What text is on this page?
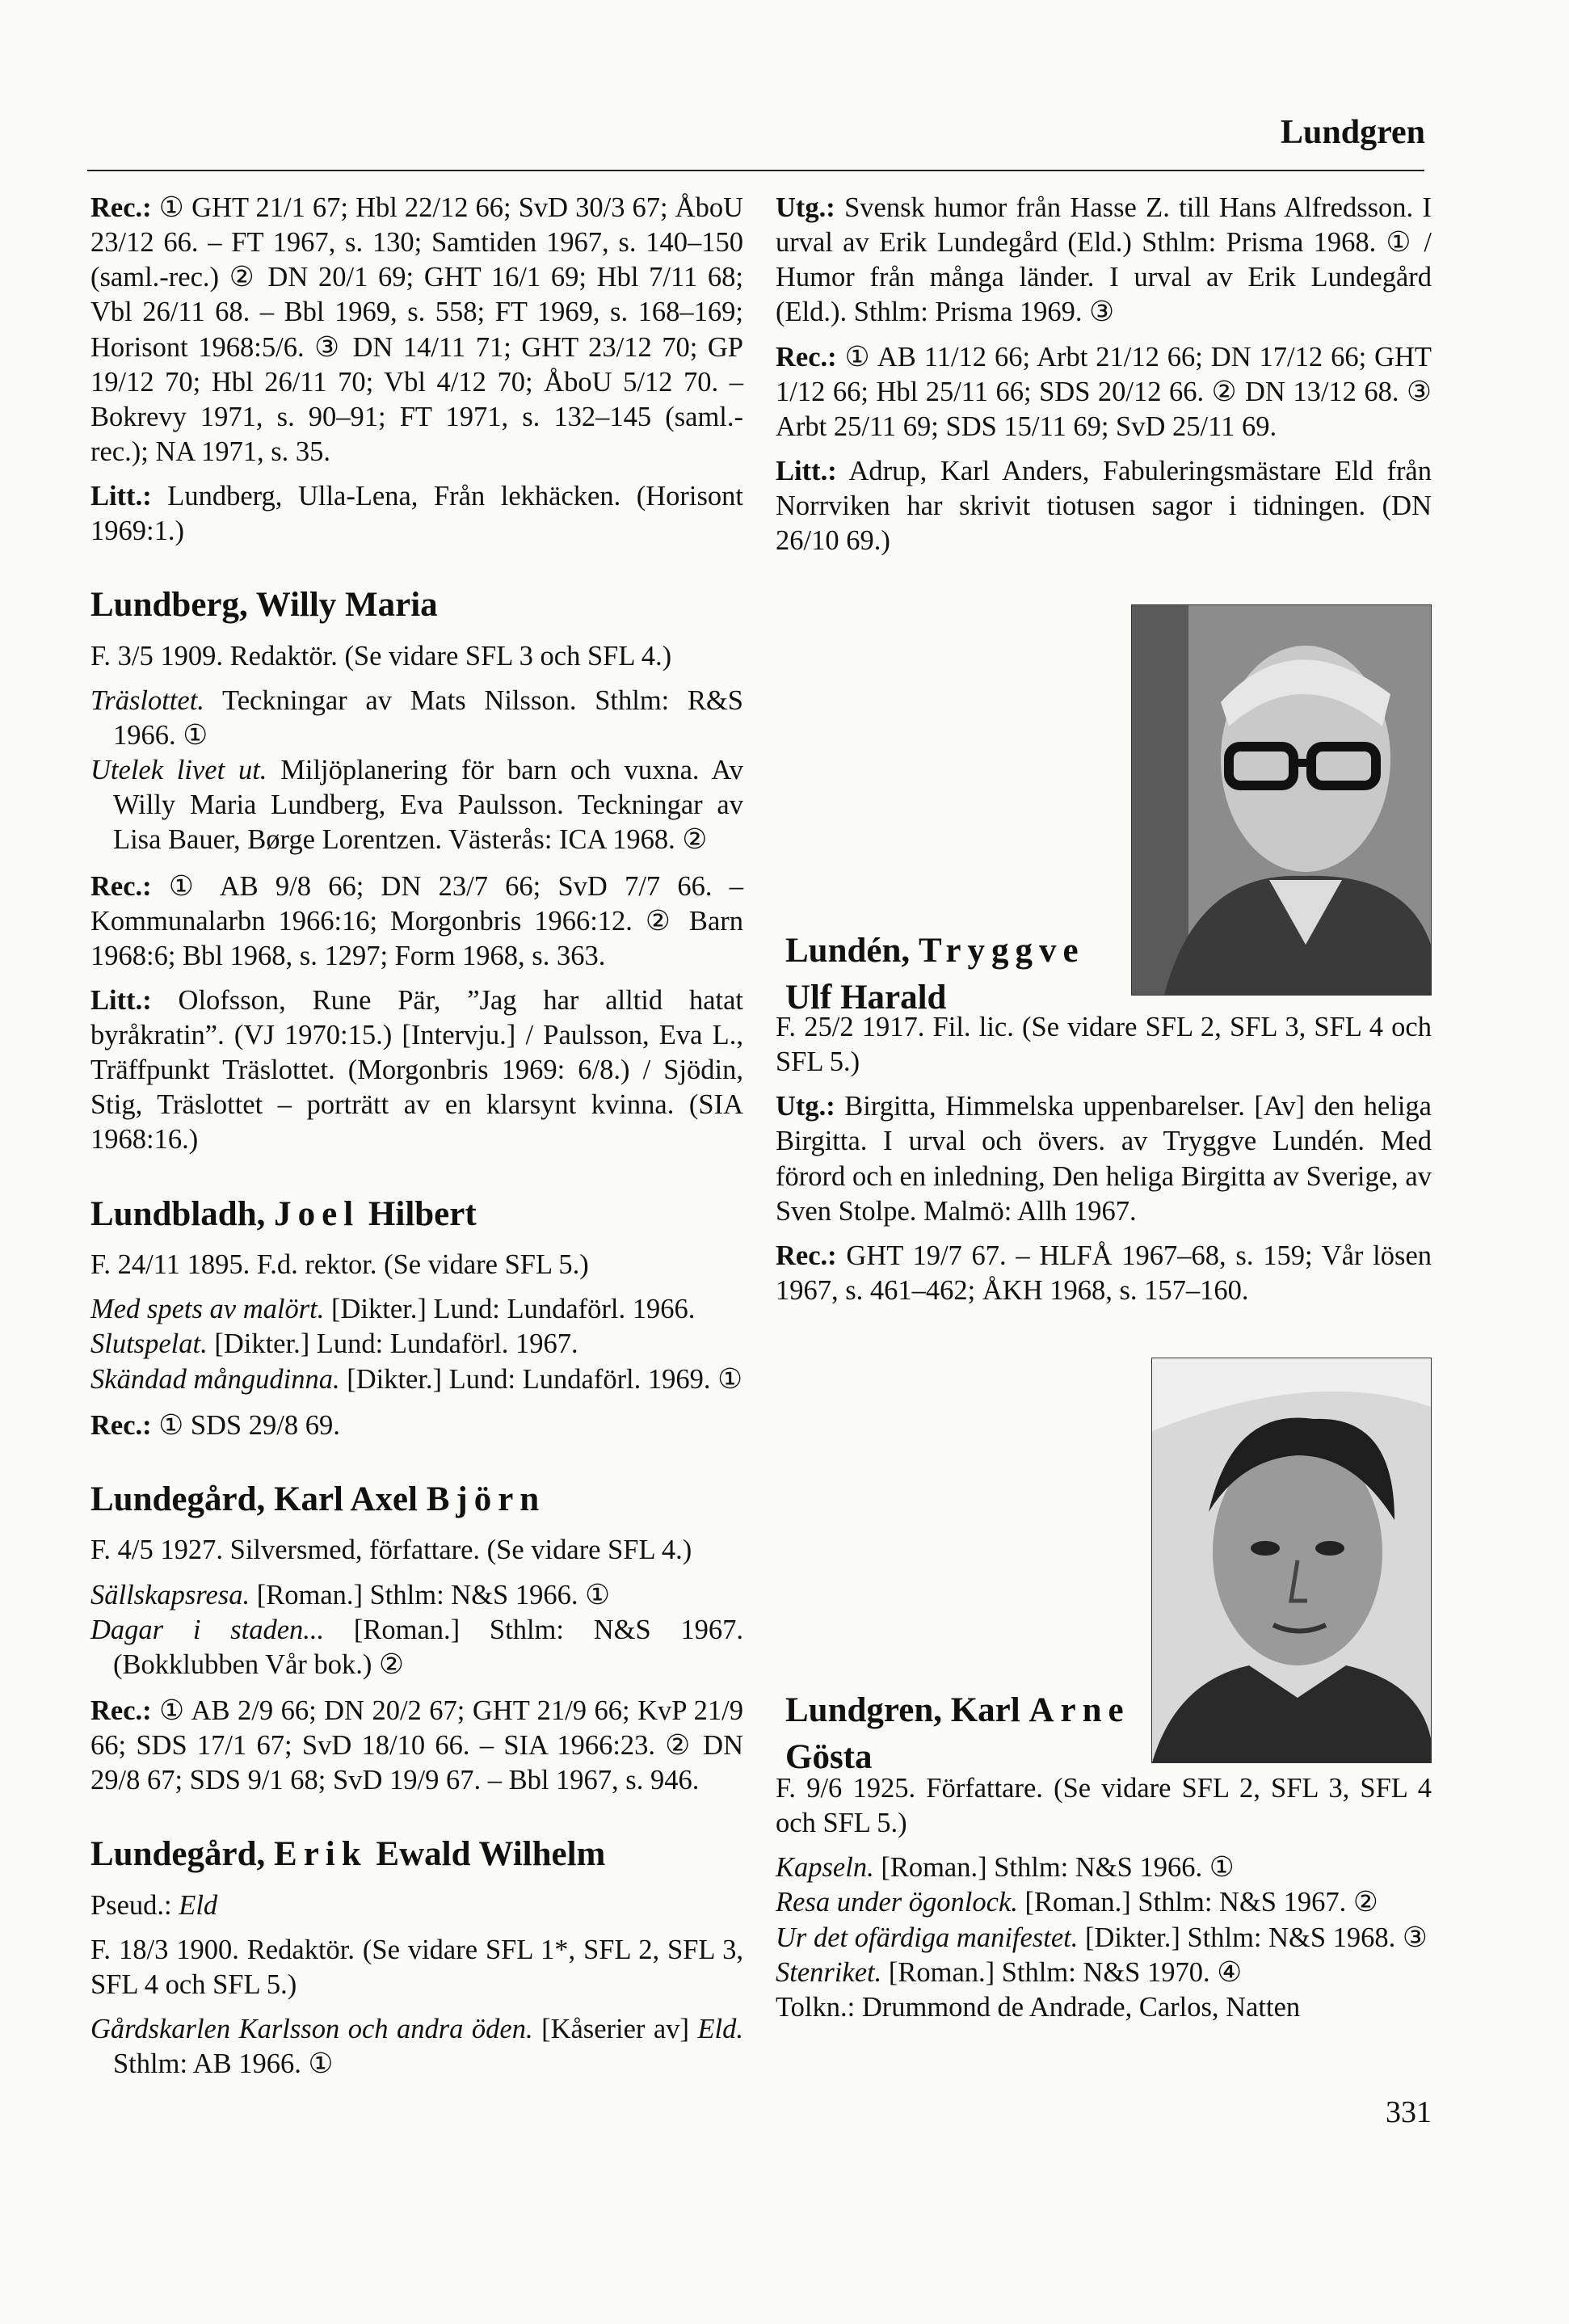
Lundgren

Rec.: ① GHT 21/1 67; Hbl 22/12 66; SvD 30/3 67; ÅboU 23/12 66. – FT 1967, s. 130; Samtiden 1967, s. 140–150 (saml.-rec.) ② DN 20/1 69; GHT 16/1 69; Hbl 7/11 68; Vbl 26/11 68. – Bbl 1969, s. 558; FT 1969, s. 168–169; Horisont 1968:5/6. ③ DN 14/11 71; GHT 23/12 70; GP 19/12 70; Hbl 26/11 70; Vbl 4/12 70; ÅboU 5/12 70. – Bokrevy 1971, s. 90–91; FT 1971, s. 132–145 (saml.-rec.); NA 1971, s. 35.

Litt.: Lundberg, Ulla-Lena, Från lekhäcken. (Horisont 1969:1.)

Lundberg, Willy Maria

F. 3/5 1909. Redaktör. (Se vidare SFL 3 och SFL 4.)

Träslottet. Teckningar av Mats Nilsson. Sthlm: R&S 1966. ①

Utelek livet ut. Miljöplanering för barn och vuxna. Av Willy Maria Lundberg, Eva Paulsson. Teckningar av Lisa Bauer, Børge Lorentzen. Västerås: ICA 1968. ②

Rec.: ① AB 9/8 66; DN 23/7 66; SvD 7/7 66. – Kommunalarbn 1966:16; Morgonbris 1966:12. ② Barn 1968:6; Bbl 1968, s. 1297; Form 1968, s. 363.

Litt.: Olofsson, Rune Pär, ”Jag har alltid hatat byråkratin”. (VJ 1970:15.) [Intervju.] / Paulsson, Eva L., Träffpunkt Träslottet. (Morgonbris 1969: 6/8.) / Sjödin, Stig, Träslottet – porträtt av en klarsynt kvinna. (SIA 1968:16.)

Lundbladh, Joel Hilbert

F. 24/11 1895. F.d. rektor. (Se vidare SFL 5.)

Med spets av malört. [Dikter.] Lund: Lundaförl. 1966.

Slutspelat. [Dikter.] Lund: Lundaförl. 1967.

Skändad mångudinna. [Dikter.] Lund: Lundaförl. 1969. ①

Rec.: ① SDS 29/8 69.

Lundegård, Karl Axel Björn

F. 4/5 1927. Silversmed, författare. (Se vidare SFL 4.)

Sällskapsresa. [Roman.] Sthlm: N&S 1966. ①

Dagar i staden... [Roman.] Sthlm: N&S 1967. (Bokklubben Vår bok.) ②

Rec.: ① AB 2/9 66; DN 20/2 67; GHT 21/9 66; KvP 21/9 66; SDS 17/1 67; SvD 18/10 66. – SIA 1966:23. ② DN 29/8 67; SDS 9/1 68; SvD 19/9 67. – Bbl 1967, s. 946.

Lundegård, Erik Ewald Wilhelm

Pseud.: Eld

F. 18/3 1900. Redaktör. (Se vidare SFL 1*, SFL 2, SFL 3, SFL 4 och SFL 5.)

Gårdskarlen Karlsson och andra öden. [Kåserier av] Eld. Sthlm: AB 1966. ①

Utg.: Svensk humor från Hasse Z. till Hans Alfredsson. I urval av Erik Lundegård (Eld.) Sthlm: Prisma 1968. ① / Humor från många länder. I urval av Erik Lundegård (Eld.). Sthlm: Prisma 1969. ③

Rec.: ① AB 11/12 66; Arbt 21/12 66; DN 17/12 66; GHT 1/12 66; Hbl 25/11 66; SDS 20/12 66. ② DN 13/12 68. ③ Arbt 25/11 69; SDS 15/11 69; SvD 25/11 69.

Litt.: Adrup, Karl Anders, Fabuleringsmästare Eld från Norrviken har skrivit tiotusen sagor i tidningen. (DN 26/10 69.)

Lundén, Tryggve
Ulf Harald

F. 25/2 1917. Fil. lic. (Se vidare SFL 2, SFL 3, SFL 4 och SFL 5.)

Utg.: Birgitta, Himmelska uppenbarelser. [Av] den heliga Birgitta. I urval och övers. av Tryggve Lundén. Med förord och en inledning, Den heliga Birgitta av Sverige, av Sven Stolpe. Malmö: Allh 1967.

Rec.: GHT 19/7 67. – HLFÅ 1967–68, s. 159; Vår lösen 1967, s. 461–462; ÅKH 1968, s. 157–160.

Lundgren, Karl Arne
Gösta

F. 9/6 1925. Författare. (Se vidare SFL 2, SFL 3, SFL 4 och SFL 5.)

Kapseln. [Roman.] Sthlm: N&S 1966. ①

Resa under ögonlock. [Roman.] Sthlm: N&S 1967. ②

Ur det ofärdiga manifestet. [Dikter.] Sthlm: N&S 1968. ③

Stenriket. [Roman.] Sthlm: N&S 1970. ④

Tolkn.: Drummond de Andrade, Carlos, Natten

331
